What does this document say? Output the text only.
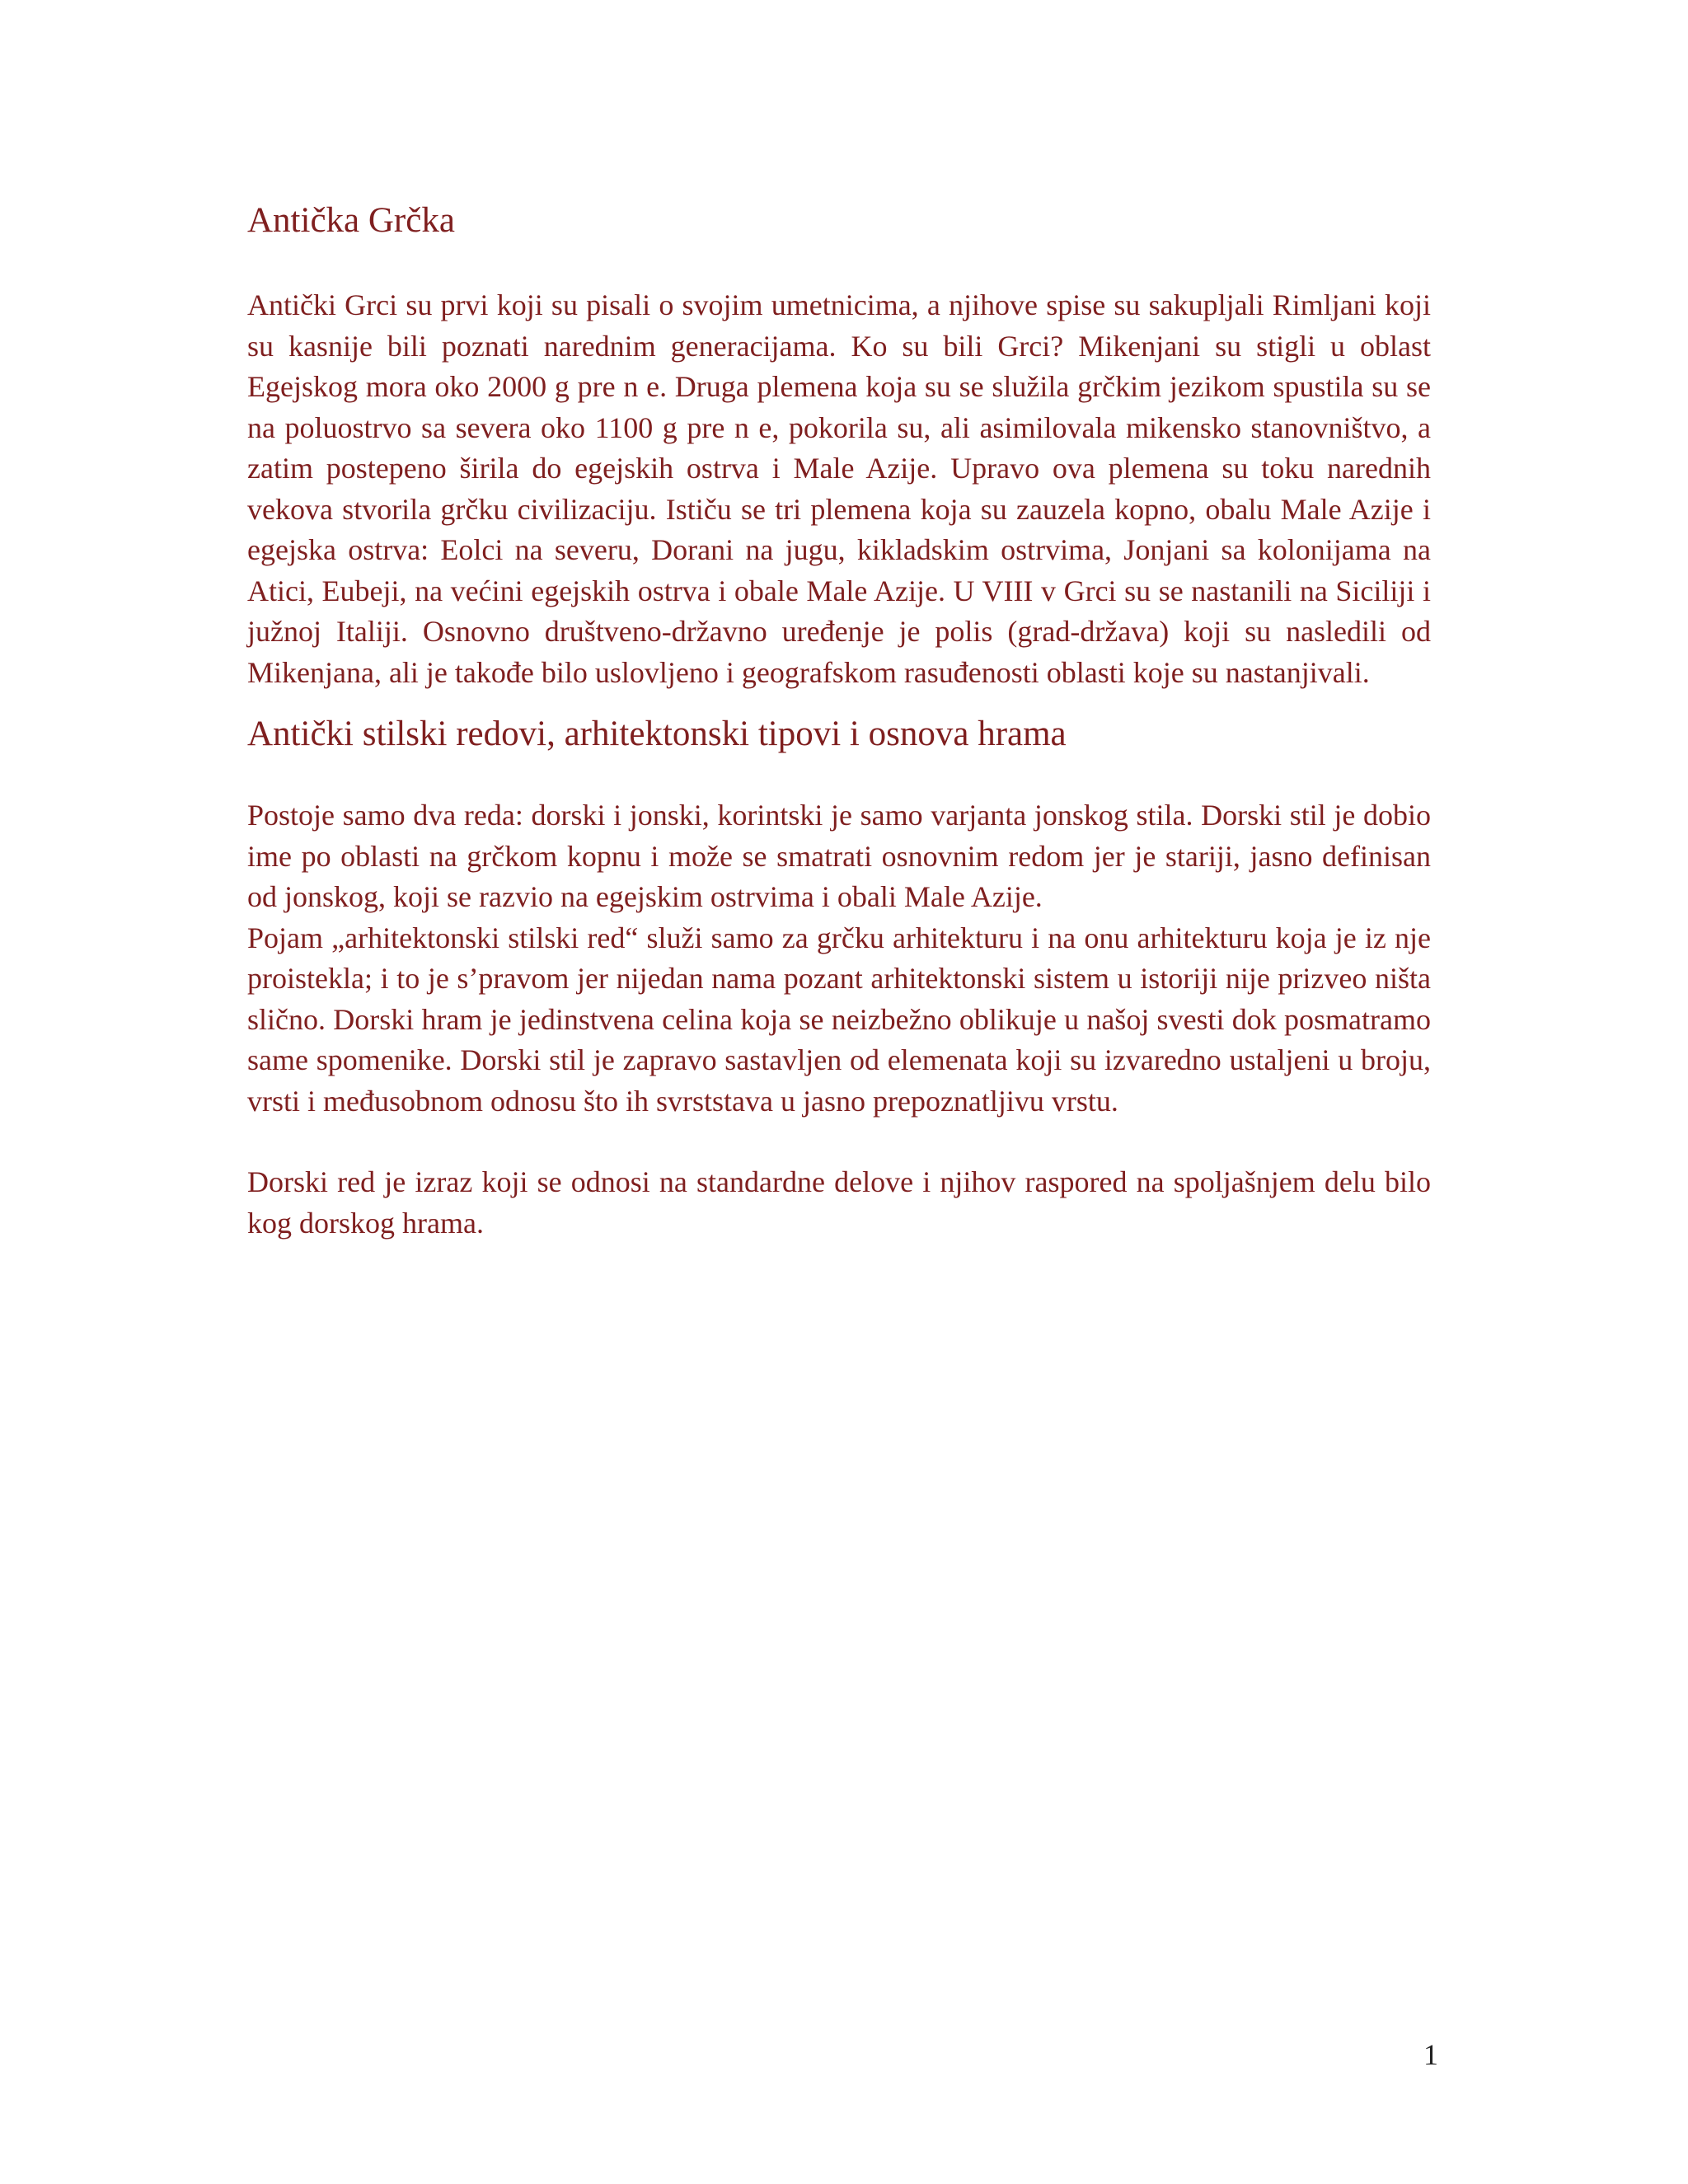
Antička Grčka

Antički Grci su prvi koji su pisali o svojim umetnicima, a njihove spise su sakupljali Rimljani koji su kasnije bili poznati narednim generacijama. Ko su bili Grci? Mikenjani su stigli u oblast Egejskog mora oko 2000 g pre n e. Druga plemena koja su se služila grčkim jezikom spustila su se na poluostrvo sa severa oko 1100 g pre n e, pokorila su, ali asimilovala mikensko stanovništvo, a zatim postepeno širila do egejskih ostrva i Male Azije. Upravo ova plemena su toku narednih vekova stvorila grčku civilizaciju. Ističu se tri plemena koja su zauzela kopno, obalu Male Azije i egejska ostrva: Eolci na severu, Dorani na jugu, kikladskim ostrvima, Jonjani sa kolonijama na Atici, Eubeji, na većini egejskih ostrva i obale Male Azije. U VIII v Grci su se nastanili na Siciliji i južnoj Italiji. Osnovno društveno-državno uređenje je polis (grad-država) koji su nasledili od Mikenjana, ali je takođe bilo uslovljeno i geografskom rasuđenosti oblasti koje su nastanjivali.

Antički stilski redovi, arhitektonski tipovi i osnova hrama

Postoje samo dva reda: dorski i jonski, korintski je samo varjanta jonskog stila. Dorski stil je dobio ime po oblasti na grčkom kopnu i može se smatrati osnovnim redom jer je stariji, jasno definisan od jonskog, koji se razvio na egejskim ostrvima i obali Male Azije.

Pojam „arhitektonski stilski red“ služi samo za grčku arhitekturu i na onu arhitekturu koja je iz nje proistekla; i to je s’pravom jer nijedan nama pozant arhitektonski sistem u istoriji nije prizveo ništa slično. Dorski hram je jedinstvena celina koja se neizbežno oblikuje u našoj svesti dok posmatramo same spomenike. Dorski stil je zapravo sastavljen od elemenata koji su izvaredno ustaljeni u broju, vrsti i međusobnom odnosu što ih svrststava u jasno prepoznatljivu vrstu.

Dorski red je izraz koji se odnosi na standardne delove i njihov raspored na spoljašnjem delu bilo kog dorskog hrama.

1
